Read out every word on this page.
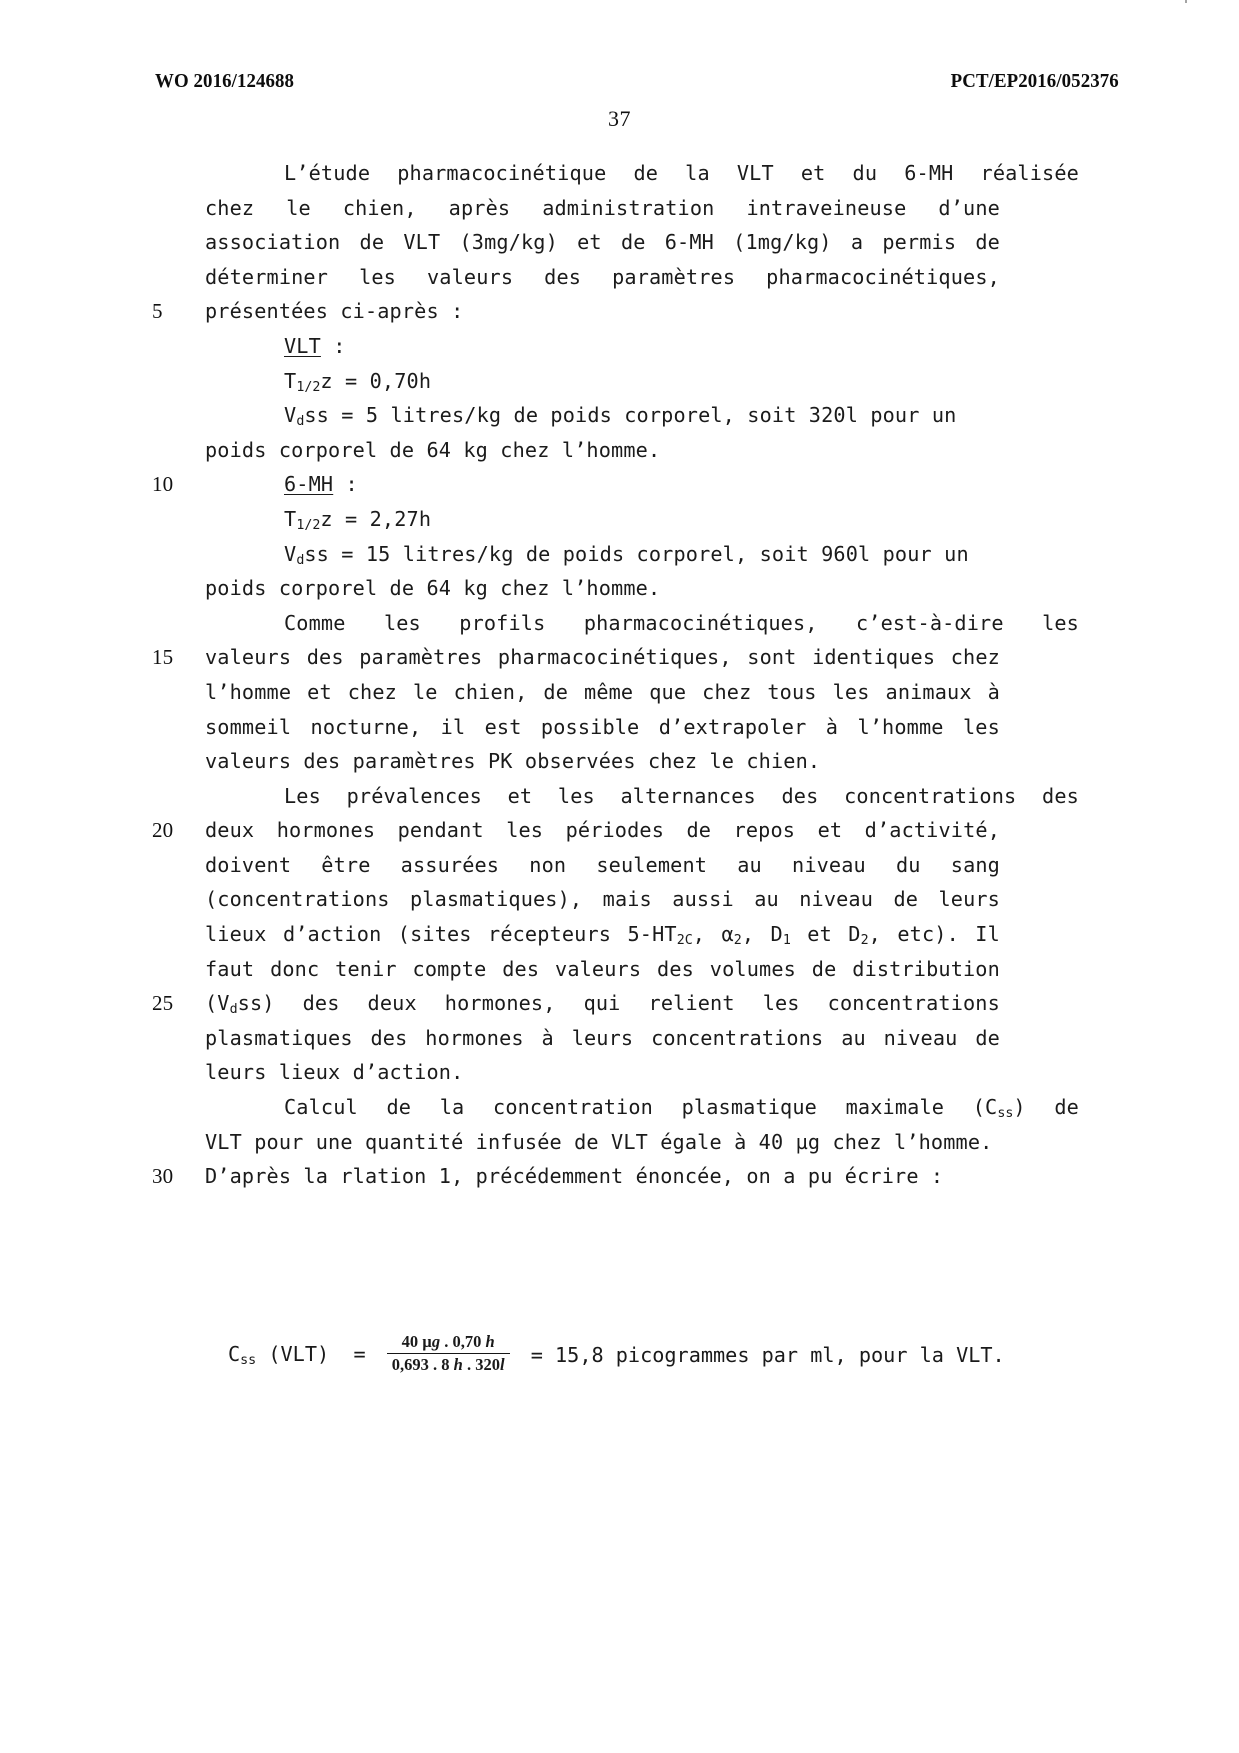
WO 2016/124688	PCT/EP2016/052376
37
L’étude pharmacocinétique de la VLT et du 6-MH réalisée
chez le chien, après administration intraveineuse d’une
association de VLT (3mg/kg) et de 6-MH (1mg/kg) a permis de
déterminer les valeurs des paramètres pharmacocinétiques,
5	présentées ci-après :
VLT :
$T_{1/2}z = 0,70h$
$V_dss = 5$ litres/kg de poids corporel, soit 320l pour un
poids corporel de 64 kg chez l’homme.
10	6-MH :
$T_{1/2}z = 2,27h$
$V_dss = 15$ litres/kg de poids corporel, soit 960l pour un
poids corporel de 64 kg chez l’homme.
Comme les profils pharmacocinétiques, c’est-à-dire les
15	valeurs des paramètres pharmacocinétiques, sont identiques chez
l’homme et chez le chien, de même que chez tous les animaux à
sommeil nocturne, il est possible d’extrapoler à l’homme les
valeurs des paramètres PK observées chez le chien.
Les prévalences et les alternances des concentrations des
20	deux hormones pendant les périodes de repos et d’activité,
doivent être assurées non seulement au niveau du sang
(concentrations plasmatiques), mais aussi au niveau de leurs
lieux d’action (sites récepteurs $5-HT_{2C}$, $\alpha_2$, $D_1$ et $D_2$, etc). Il
faut donc tenir compte des valeurs des volumes de distribution
25	$(V_dss)$ des deux hormones, qui relient les concentrations
plasmatiques des hormones à leurs concentrations au niveau de
leurs lieux d’action.
Calcul de la concentration plasmatique maximale $(C_{ss})$ de
VLT pour une quantité infusée de VLT égale à 40 µg chez l’homme.
30	D’après la rlation 1, précédemment énoncée, on a pu écrire :
$C_{ss}$ $(VLT) = \frac{\text{40 µg . 0,70 h}}{0,693 . 8 h . 320l} = 15,8$ picogrammes par ml, pour la VLT.
